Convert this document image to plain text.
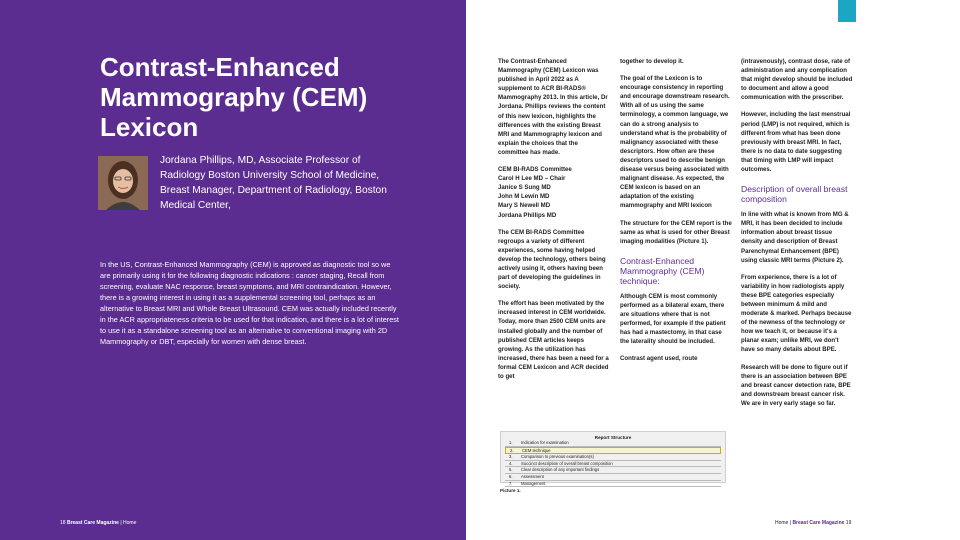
Contrast-Enhanced Mammography (CEM) Lexicon
Jordana Phillips, MD, Associate Professor of Radiology Boston University School of Medicine, Breast Manager, Department of Radiology, Boston Medical Center,
In the US, Contrast-Enhanced Mammography (CEM) is approved as diagnostic tool so we are primarily using it for the following diagnostic indications : cancer staging, Recall from screening, evaluate NAC response, breast symptoms, and MRI contraindication. However, there is a growing interest in using it as a supplemental screening tool, perhaps as an alternative to Breast MRI and Whole Breast Ultrasound. CEM was actually included recently in the ACR appropriateness criteria to be used for that indication, and there is a lot of interest to use it as a standalone screening tool as an alternative to conventional imaging with 2D Mammography or DBT, especially for women with dense breast.
18 Breast Care Magazine | Home

The Contrast-Enhanced Mammography (CEM) Lexicon was published in April 2022 as A supplement to ACR BI-RADS® Mammography 2013. In this article, Dr Jordana. Phillips reviews the content of this new lexicon, highlights the differences with the existing Breast MRI and Mammography lexicon and explain the choices that the committee has made.

CEM BI-RADS Committee
Carol H Lee MD – Chair
Janice S Sung MD
John M Lewin MD
Mary S Newell MD
Jordana Phillips MD

The CEM BI-RADS Committee regroups a variety of different experiences, some having helped develop the technology, others being actively using it, others having been part of developing the guidelines in society.

The effort has been motivated by the increased interest in CEM worldwide. Today, more than 2500 CEM units are installed globally and the number of published CEM articles keeps growing. As the utilization has increased, there has been a need for a formal CEM Lexicon and ACR decided to get

together to develop it.

The goal of the Lexicon is to encourage consistency in reporting and encourage downstream research. With all of us using the same terminology, a common language, we can do a strong analysis to understand what is the probability of malignancy associated with these descriptors. How often are these descriptors used to describe benign disease versus being associated with malignant disease. As expected, the CEM lexicon is based on an adaptation of the existing mammography and MRI lexicon

The structure for the CEM report is the same as what is used for other Breast imaging modalities (Picture 1).

Contrast-Enhanced Mammography (CEM) technique:

Although CEM is most commonly performed as a bilateral exam, there are situations where that is not performed, for example if the patient has had a mastectomy, in that case the laterality should be included.

Contrast agent used, route

(intravenously), contrast dose, rate of administration and any complication that might develop should be included to document and allow a good communication with the prescriber.

However, including the last menstrual period (LMP) is not required, which is different from what has been done previously with breast MRI. In fact, there is no data to date suggesting that timing with LMP will impact outcomes.

Description of overall breast composition

In line with what is known from MG & MRI, it has been decided to include information about breast tissue density and description of Breast Parenchymal Enhancement (BPE) using classic MRI terms (Picture 2).

From experience, there is a lot of variability in how radiologists apply these BPE categories especially between minimum & mild and moderate & marked. Perhaps because of the newness of the technology or how we teach it, or because it's a planar exam; unlike MRI, we don't have so many details about BPE.

Research will be done to figure out if there is an association between BPE and breast cancer detection rate, BPE and downstream breast cancer risk. We are in very early stage so far.

Report Structure
1. Indication for examination
2. CEM technique
3. Comparison to previous examination(s)
4. Succinct description of overall breast composition
5. Clear description of any important findings
6. Assessment
7. Management
Picture 1.
Home | Breast Care Magazine 19
